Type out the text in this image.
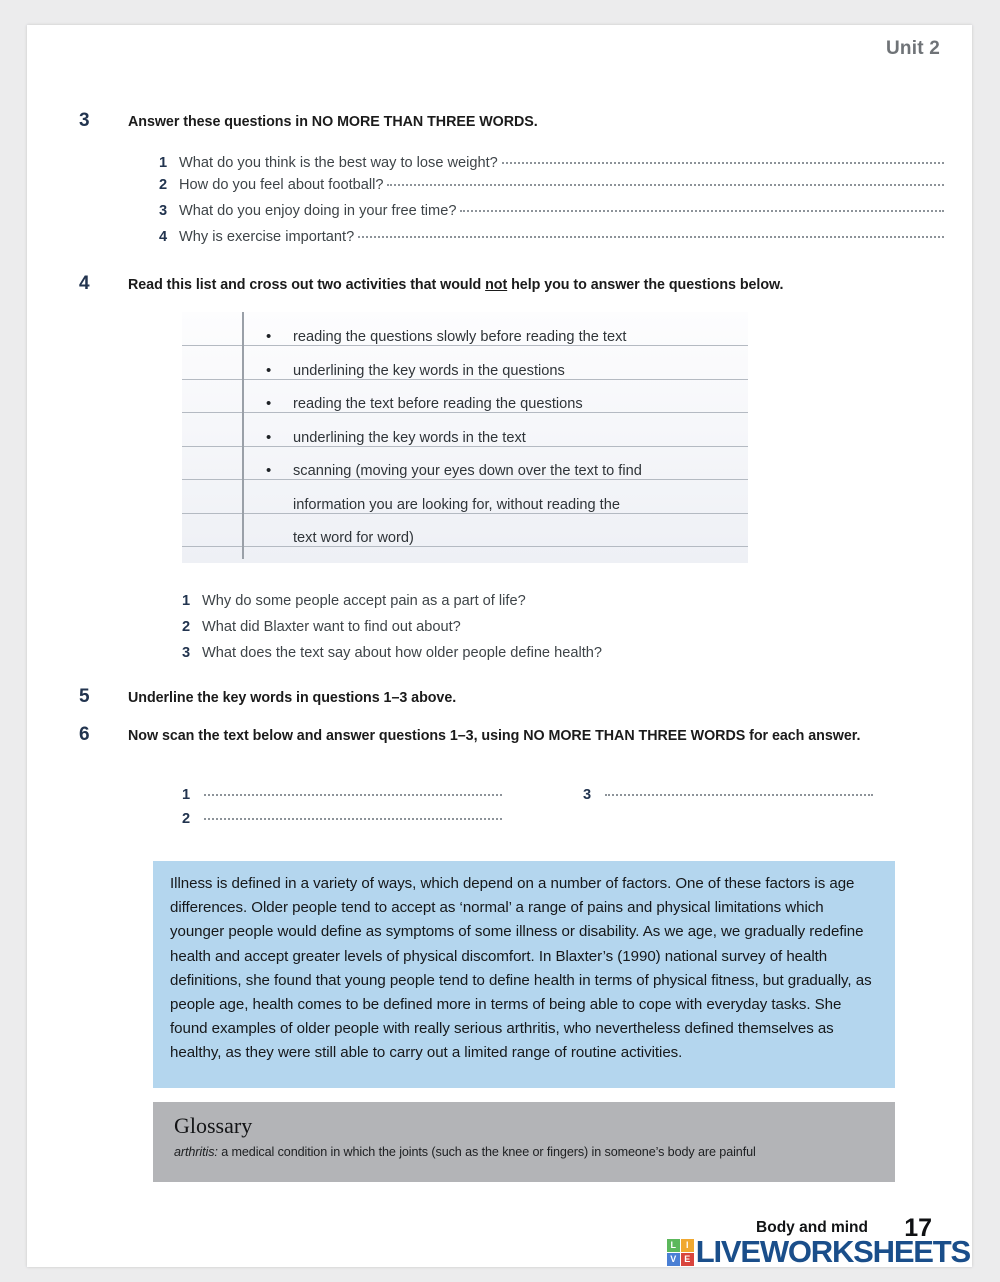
Unit 2
3	Answer these questions in NO MORE THAN THREE WORDS.
1 What do you think is the best way to lose weight?
2 How do you feel about football?
3 What do you enjoy doing in your free time?
4 Why is exercise important?
4	Read this list and cross out two activities that would not help you to answer the questions below.
• reading the questions slowly before reading the text
• underlining the key words in the questions
• reading the text before reading the questions
• underlining the key words in the text
• scanning (moving your eyes down over the text to find
information you are looking for, without reading the
text word for word)
1 Why do some people accept pain as a part of life?
2 What did Blaxter want to find out about?
3 What does the text say about how older people define health?
5	Underline the key words in questions 1–3 above.
6	Now scan the text below and answer questions 1–3, using NO MORE THAN THREE WORDS for each answer.
1
2
3
Illness is defined in a variety of ways, which depend on a number of factors. One of these factors is age differences. Older people tend to accept as ‘normal’ a range of pains and physical limitations which younger people would define as symptoms of some illness or disability. As we age, we gradually redefine health and accept greater levels of physical discomfort. In Blaxter’s (1990) national survey of health definitions, she found that young people tend to define health in terms of physical fitness, but gradually, as people age, health comes to be defined more in terms of being able to cope with everyday tasks. She found examples of older people with really serious arthritis, who nevertheless defined themselves as healthy, as they were still able to carry out a limited range of routine activities.
Glossary
arthritis: a medical condition in which the joints (such as the knee or fingers) in someone’s body are painful
Body and mind 17
L	I
V E LIVEWORKSHEETS
